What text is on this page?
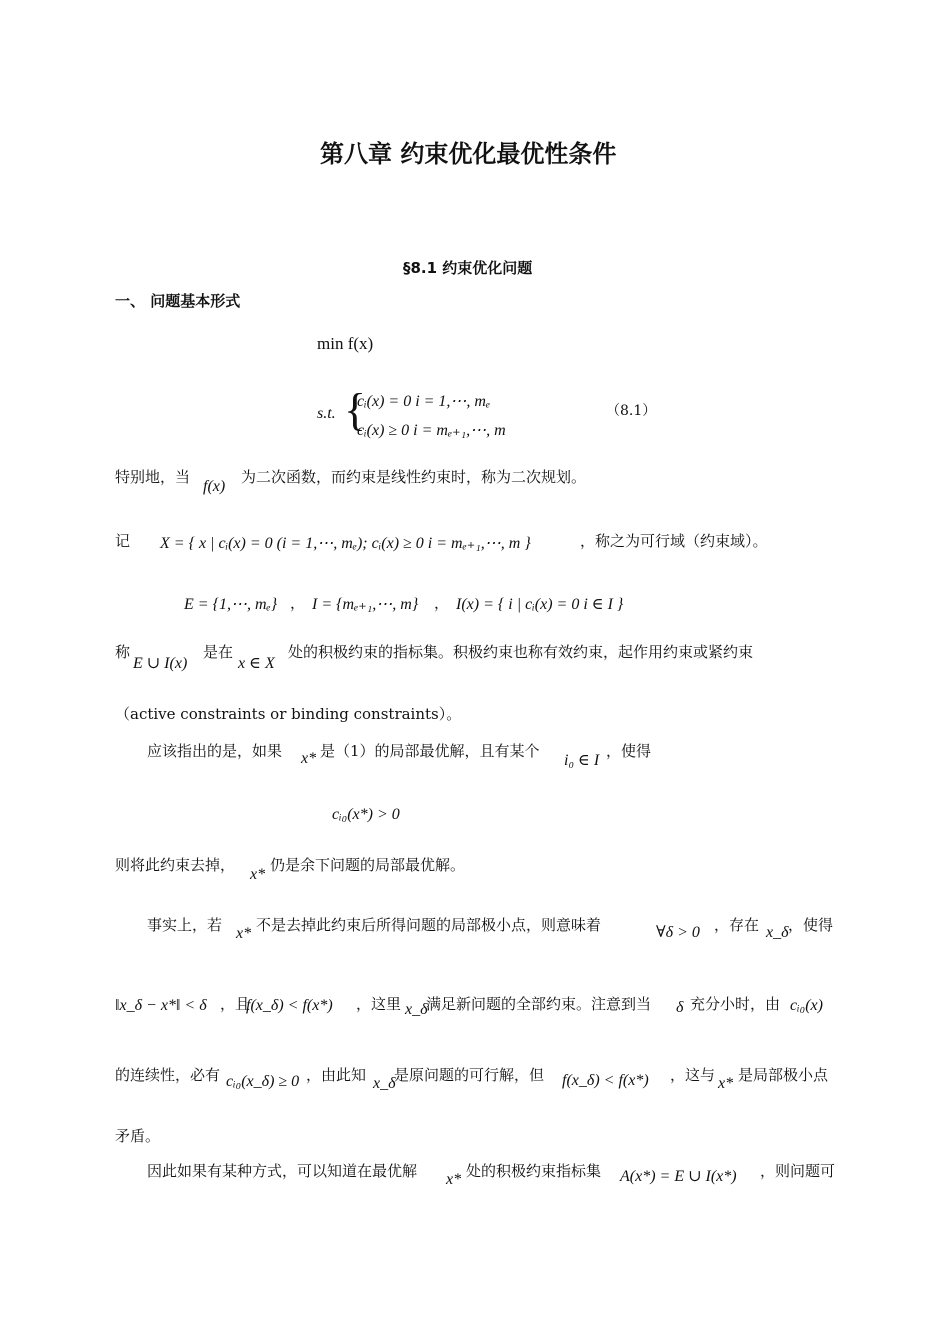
第八章 约束优化最优性条件
§8.1 约束优化问题
一、 问题基本形式
min f(x)
s.t. {
cᵢ(x) = 0 i = 1,⋯, mₑ
cᵢ(x) ≥ 0 i = mₑ₊₁,⋯, m
（8.1）
特别地，当
f(x)
为二次函数，而约束是线性约束时，称为二次规划。
记 X = { x | cᵢ(x) = 0 (i = 1,⋯, mₑ); cᵢ(x) ≥ 0 i = mₑ₊₁,⋯, m }	，称之为可行域（约束域）。
E = {1,⋯, mₑ} ， I = {mₑ₊₁,⋯, m} ， I(x) = { i | cᵢ(x) = 0 i ∈ I }
称
E ∪ I(x)
是在
x ∈ X
处的积极约束的指标集。积极约束也称有效约束，起作用约束或紧约束
（active constraints or binding constraints）。
应该指出的是，如果 x* 是（1）的局部最优解，且有某个
i₀ ∈ I
，使得
cᵢ₀(x*) > 0
则将此约束去掉，
x*
仍是余下问题的局部最优解。
事实上，若 x* 不是去掉此约束后所得问题的局部极小点，则意味着	∀δ > 0 ，存在 x_δ ，使得
‖x_δ − x*‖ < δ ，且
f(x_δ) < f(x*) ，这里 x_δ
满足新问题的全部约束。注意到当 δ 充分小时，由 cᵢ₀(x)
的连续性，必有 cᵢ₀(x_δ) ≥ 0 ，由此知 x_δ
是原问题的可行解，但 f(x_δ) < f(x*) ，这与 x* 是局部极小点
矛盾。
因此如果有某种方式，可以知道在最优解 x* 处的积极约束指标集 A(x*) = E ∪ I(x*) ，则问题可
